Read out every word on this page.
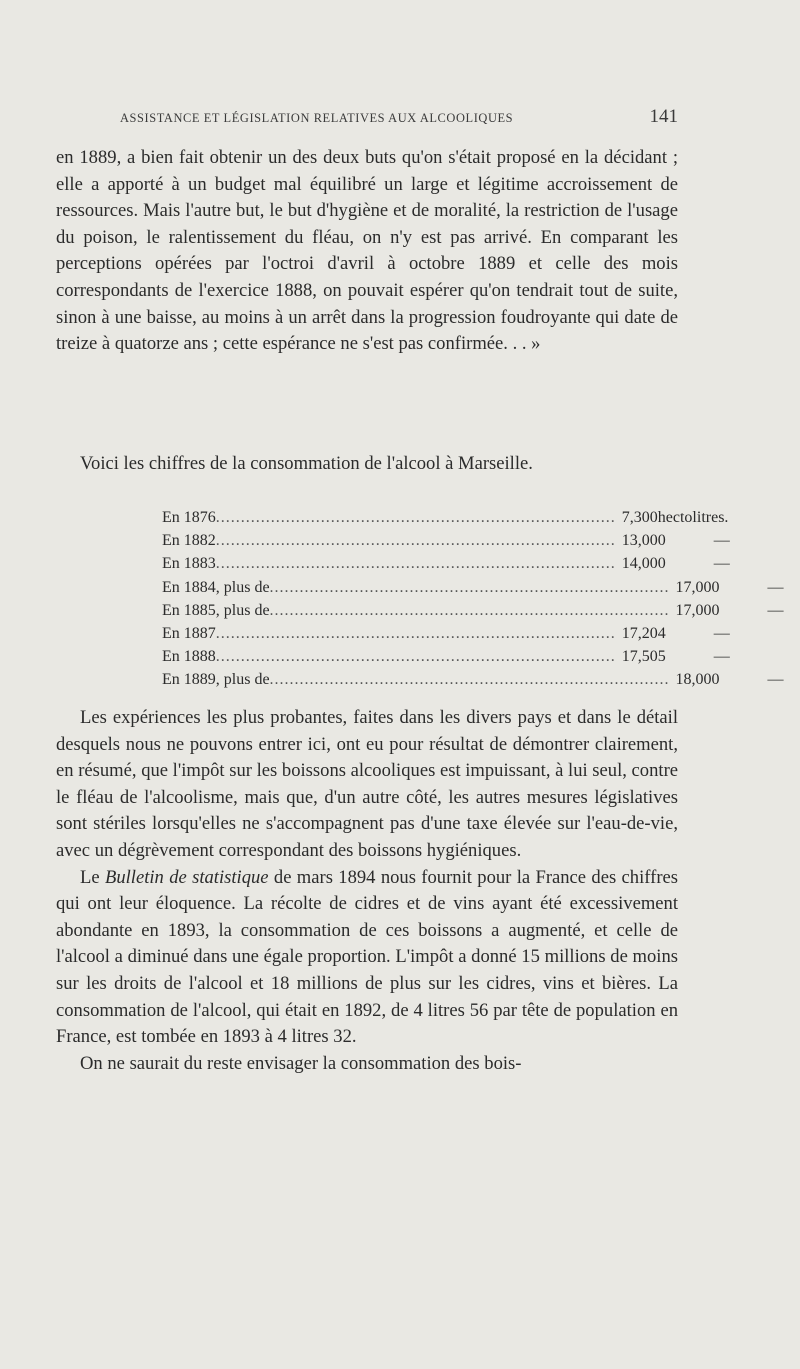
ASSISTANCE ET LÉGISLATION RELATIVES AUX ALCOOLIQUES	141

en 1889, a bien fait obtenir un des deux buts qu'on s'était proposé en la décidant ; elle a apporté à un budget mal équilibré un large et légitime accroissement de ressources. Mais l'autre but, le but d'hygiène et de moralité, la restriction de l'usage du poison, le ralentissement du fléau, on n'y est pas arrivé. En comparant les perceptions opérées par l'octroi d'avril à octobre 1889 et celle des mois correspondants de l'exercice 1888, on pouvait espérer qu'on tendrait tout de suite, sinon à une baisse, au moins à un arrêt dans la progression foudroyante qui date de treize à quatorze ans ; cette espérance ne s'est pas confirmée. . . »

Voici les chiffres de la consommation de l'alcool à Marseille.

En 1876 ................................................................................ 7,300 hectolitres.
En 1882 ................................................................................ 13,000	—
En 1883 ................................................................................ 14,000	—
En 1884, plus de ................................................................................ 17,000	—
En 1885, plus de ................................................................................ 17,000	—
En 1887 ................................................................................ 17,204	—
En 1888 ................................................................................ 17,505	—
En 1889, plus de ................................................................................ 18,000	—

Les expériences les plus probantes, faites dans les divers pays et dans le détail desquels nous ne pouvons entrer ici, ont eu pour résultat de démontrer clairement, en résumé, que l'impôt sur les boissons alcooliques est impuissant, à lui seul, contre le fléau de l'alcoolisme, mais que, d'un autre côté, les autres mesures législatives sont stériles lorsqu'elles ne s'accompagnent pas d'une taxe élevée sur l'eau-de-vie, avec un dégrèvement correspondant des boissons hygiéniques.

Le Bulletin de statistique de mars 1894 nous fournit pour la France des chiffres qui ont leur éloquence. La récolte de cidres et de vins ayant été excessivement abondante en 1893, la consommation de ces boissons a augmenté, et celle de l'alcool a diminué dans une égale proportion. L'impôt a donné 15 millions de moins sur les droits de l'alcool et 18 millions de plus sur les cidres, vins et bières. La consommation de l'alcool, qui était en 1892, de 4 litres 56 par tête de population en France, est tombée en 1893 à 4 litres 32.

On ne saurait du reste envisager la consommation des bois-
